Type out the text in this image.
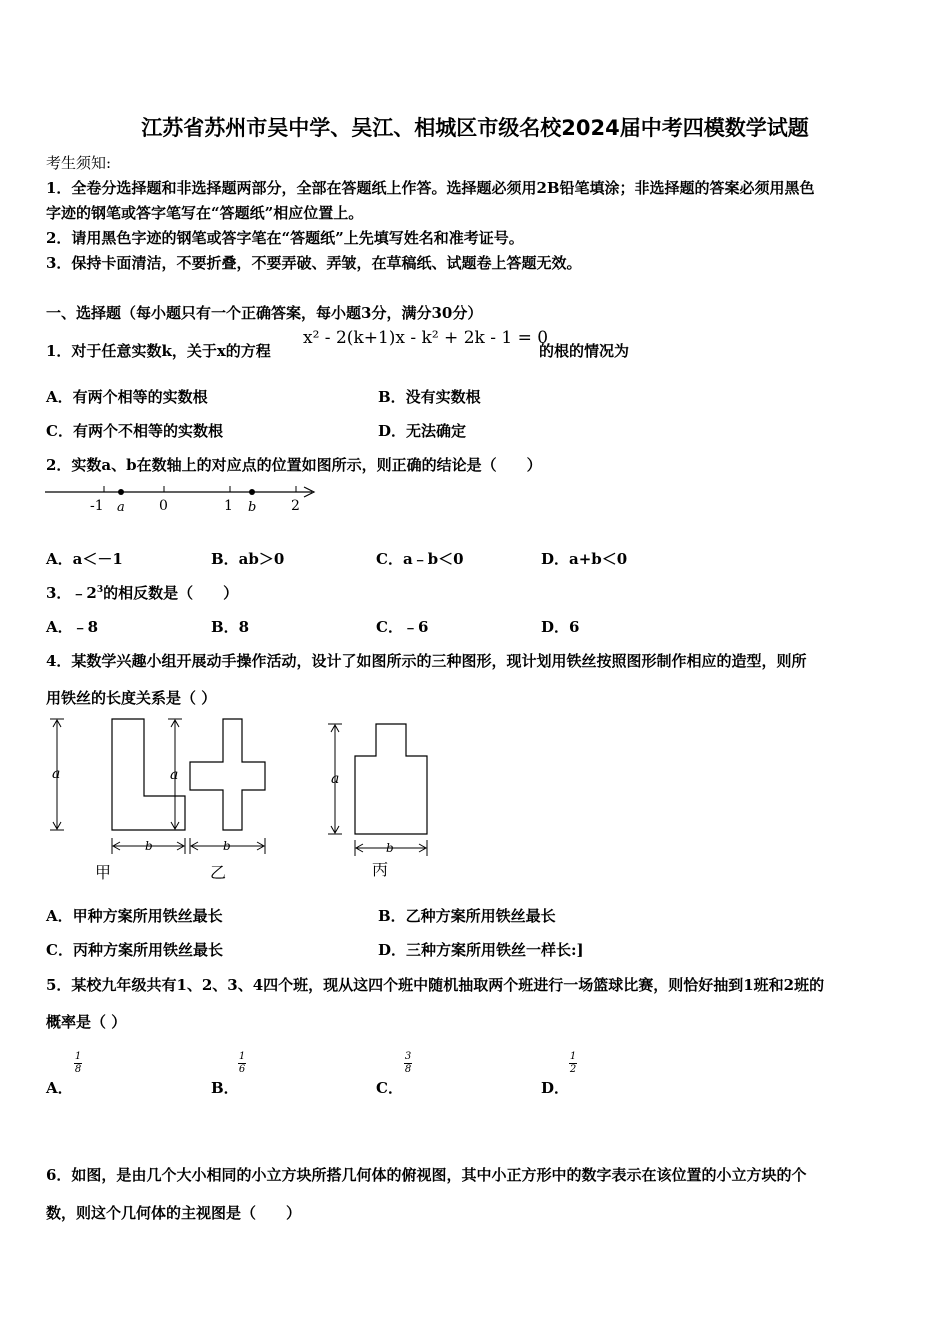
江苏省苏州市吴中学、吴江、相城区市级名校2024届中考四模数学试题
考生须知:
1．全卷分选择题和非选择题两部分，全部在答题纸上作答。选择题必须用2B铅笔填涂；非选择题的答案必须用黑色
字迹的钢笔或答字笔写在“答题纸”相应位置上。
2．请用黑色字迹的钢笔或答字笔在“答题纸”上先填写姓名和准考证号。
3．保持卡面清洁，不要折叠，不要弄破、弄皱，在草稿纸、试题卷上答题无效。
一、选择题（每小题只有一个正确答案，每小题3分，满分30分）
1．对于任意实数k，关于x的方程
x² - 2(k+1)x - k² + 2k - 1 = 0
的根的情况为
A．有两个相等的实数根	B．没有实数根
C．有两个不相等的实数根	D．无法确定
2．实数a、b在数轴上的对应点的位置如图所示，则正确的结论是（　　）
-1	0	1	2
a	b
A．a＜－1	B．ab＞0	C．a﹣b＜0	D．a+b＜0
3．$﹣2^3$的相反数是（　　）
A．﹣8	B．8	C．﹣6	D．6
4．某数学兴趣小组开展动手操作活动，设计了如图所示的三种图形，现计划用铁丝按照图形制作相应的造型，则所
用铁丝的长度关系是（ ）
a
b
甲
a
b
乙
a
b
丙
A．甲种方案所用铁丝最长	B．乙种方案所用铁丝最长
C．丙种方案所用铁丝最长	D．三种方案所用铁丝一样长:]
5．某校九年级共有1、2、3、4四个班，现从这四个班中随机抽取两个班进行一场篮球比赛，则恰好抽到1班和2班的
概率是（ ）
A．
1
8
B．
1
6
C．
3
8
D．
1
2
6．如图，是由几个大小相同的小立方块所搭几何体的俯视图，其中小正方形中的数字表示在该位置的小立方块的个
数，则这个几何体的主视图是（　　）
